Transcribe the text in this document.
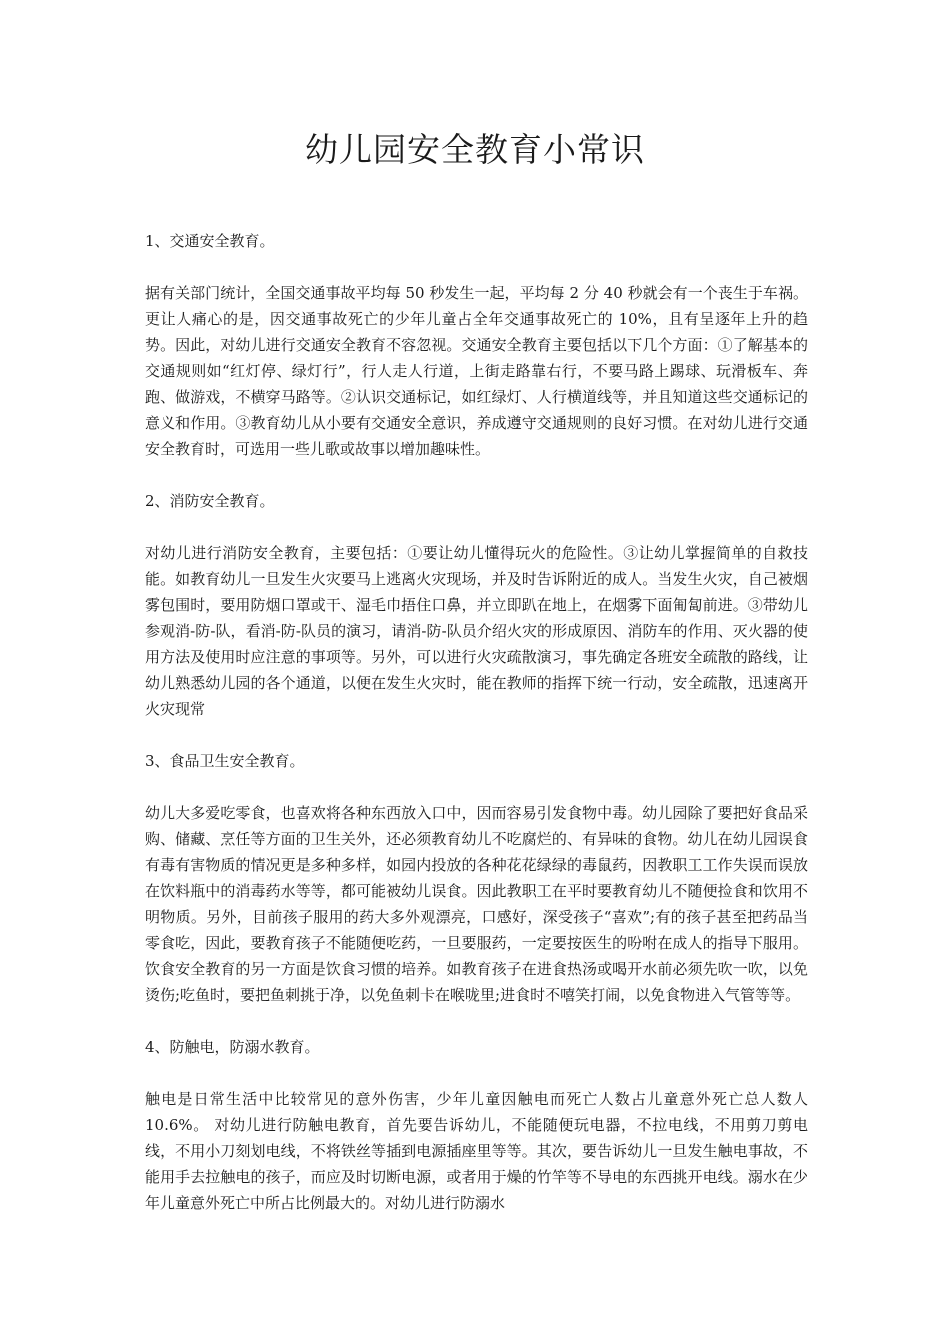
幼儿园安全教育小常识

1、交通安全教育。

据有关部门统计，全国交通事故平均每 50 秒发生一起，平均每 2 分 40 秒就会有一个丧生于车祸。更让人痛心的是，因交通事故死亡的少年儿童占全年交通事故死亡的 10%，且有呈逐年上升的趋势。因此，对幼儿进行交通安全教育不容忽视。交通安全教育主要包括以下几个方面：①了解基本的交通规则如“红灯停、绿灯行”，行人走人行道，上街走路靠右行，不要马路上踢球、玩滑板车、奔跑、做游戏，不横穿马路等。②认识交通标记，如红绿灯、人行横道线等，并且知道这些交通标记的意义和作用。③教育幼儿从小要有交通安全意识，养成遵守交通规则的良好习惯。在对幼儿进行交通安全教育时，可选用一些儿歌或故事以增加趣味性。

2、消防安全教育。

对幼儿进行消防安全教育，主要包括：①要让幼儿懂得玩火的危险性。③让幼儿掌握简单的自救技能。如教育幼儿一旦发生火灾要马上逃离火灾现场，并及时告诉附近的成人。当发生火灾，自己被烟雾包围时，要用防烟口罩或干、湿毛巾捂住口鼻，并立即趴在地上，在烟雾下面匍匐前进。③带幼儿参观消-防-队，看消-防-队员的演习，请消-防-队员介绍火灾的形成原因、消防车的作用、灭火器的使用方法及使用时应注意的事项等。另外，可以进行火灾疏散演习，事先确定各班安全疏散的路线，让幼儿熟悉幼儿园的各个通道，以便在发生火灾时，能在教师的指挥下统一行动，安全疏散，迅速离开火灾现常

3、食品卫生安全教育。

幼儿大多爱吃零食，也喜欢将各种东西放入口中，因而容易引发食物中毒。幼儿园除了要把好食品采购、储藏、烹任等方面的卫生关外，还必须教育幼儿不吃腐烂的、有异味的食物。幼儿在幼儿园误食有毒有害物质的情况更是多种多样，如园内投放的各种花花绿绿的毒鼠药，因教职工工作失误而误放在饮料瓶中的消毒药水等等，都可能被幼儿误食。因此教职工在平时要教育幼儿不随便捡食和饮用不明物质。另外，目前孩子服用的药大多外观漂亮，口感好，深受孩子“喜欢”;有的孩子甚至把药品当零食吃，因此，要教育孩子不能随便吃药，一旦要服药，一定要按医生的吩咐在成人的指导下服用。饮食安全教育的另一方面是饮食习惯的培养。如教育孩子在进食热汤或喝开水前必须先吹一吹，以免烫伤;吃鱼时，要把鱼刺挑于净，以免鱼刺卡在喉咙里;进食时不嘻笑打闹，以免食物进入气管等等。

4、防触电，防溺水教育。

触电是日常生活中比较常见的意外伤害，少年儿童因触电而死亡人数占儿童意外死亡总人数人 10.6%。 对幼儿进行防触电教育，首先要告诉幼儿，不能随便玩电器，不拉电线，不用剪刀剪电线，不用小刀刻划电线，不将铁丝等插到电源插座里等等。其次，要告诉幼儿一旦发生触电事故，不能用手去拉触电的孩子，而应及时切断电源，或者用于燥的竹竿等不导电的东西挑开电线。溺水在少年儿童意外死亡中所占比例最大的。对幼儿进行防溺水
